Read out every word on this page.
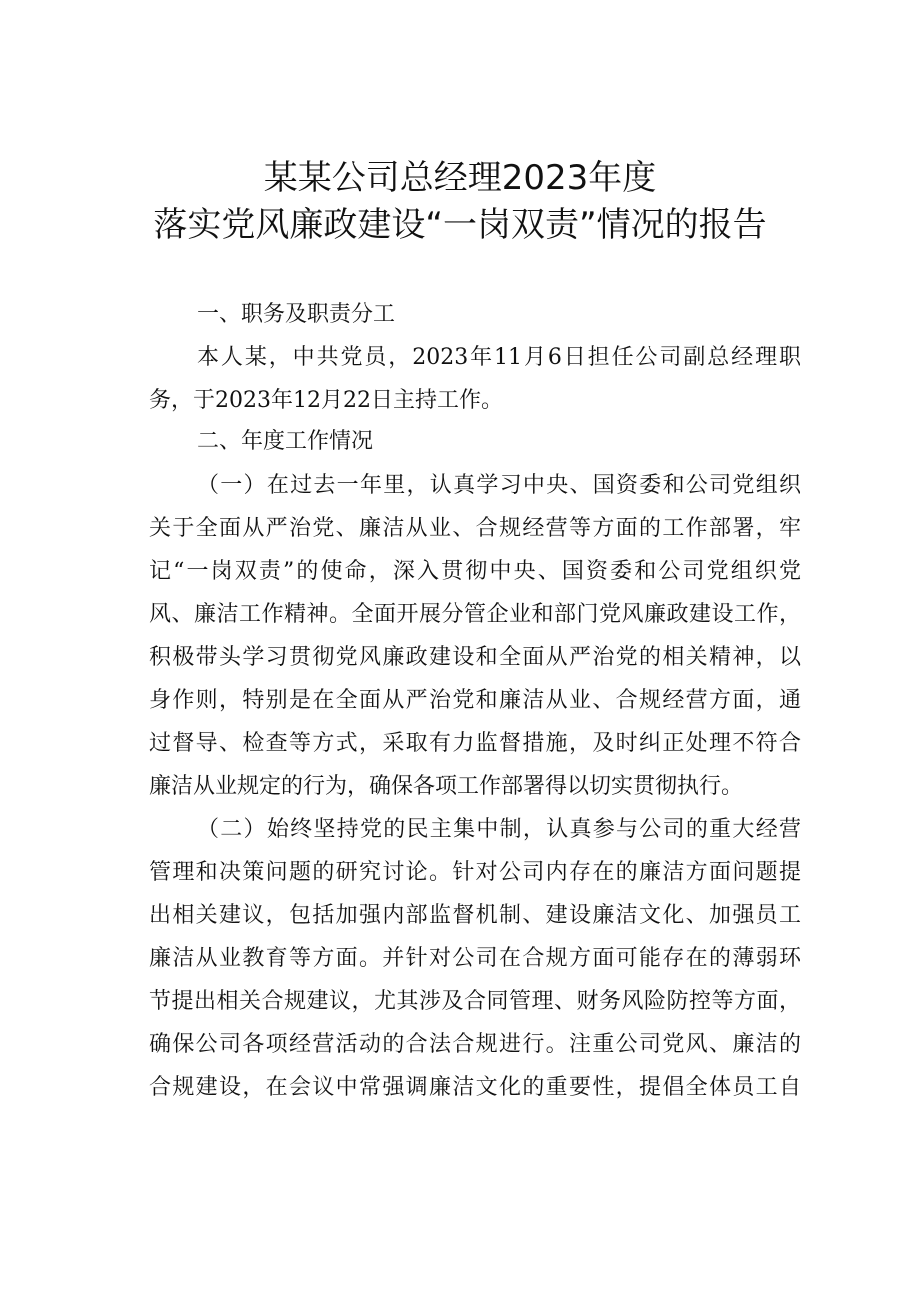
某某公司总经理2023年度
落实党风廉政建设“一岗双责”情况的报告
一、职务及职责分工
本人某，中共党员，2023年11月6日担任公司副总经理职
务，于2023年12月22日主持工作。
二、年度工作情况
（一）在过去一年里，认真学习中央、国资委和公司党组织
关于全面从严治党、廉洁从业、合规经营等方面的工作部署，牢
记“一岗双责”的使命，深入贯彻中央、国资委和公司党组织党
风、廉洁工作精神。全面开展分管企业和部门党风廉政建设工作，
积极带头学习贯彻党风廉政建设和全面从严治党的相关精神，以
身作则，特别是在全面从严治党和廉洁从业、合规经营方面，通
过督导、检查等方式，采取有力监督措施，及时纠正处理不符合
廉洁从业规定的行为，确保各项工作部署得以切实贯彻执行。
（二）始终坚持党的民主集中制，认真参与公司的重大经营
管理和决策问题的研究讨论。针对公司内存在的廉洁方面问题提
出相关建议，包括加强内部监督机制、建设廉洁文化、加强员工
廉洁从业教育等方面。并针对公司在合规方面可能存在的薄弱环
节提出相关合规建议，尤其涉及合同管理、财务风险防控等方面，
确保公司各项经营活动的合法合规进行。注重公司党风、廉洁的
合规建设，在会议中常强调廉洁文化的重要性，提倡全体员工自
